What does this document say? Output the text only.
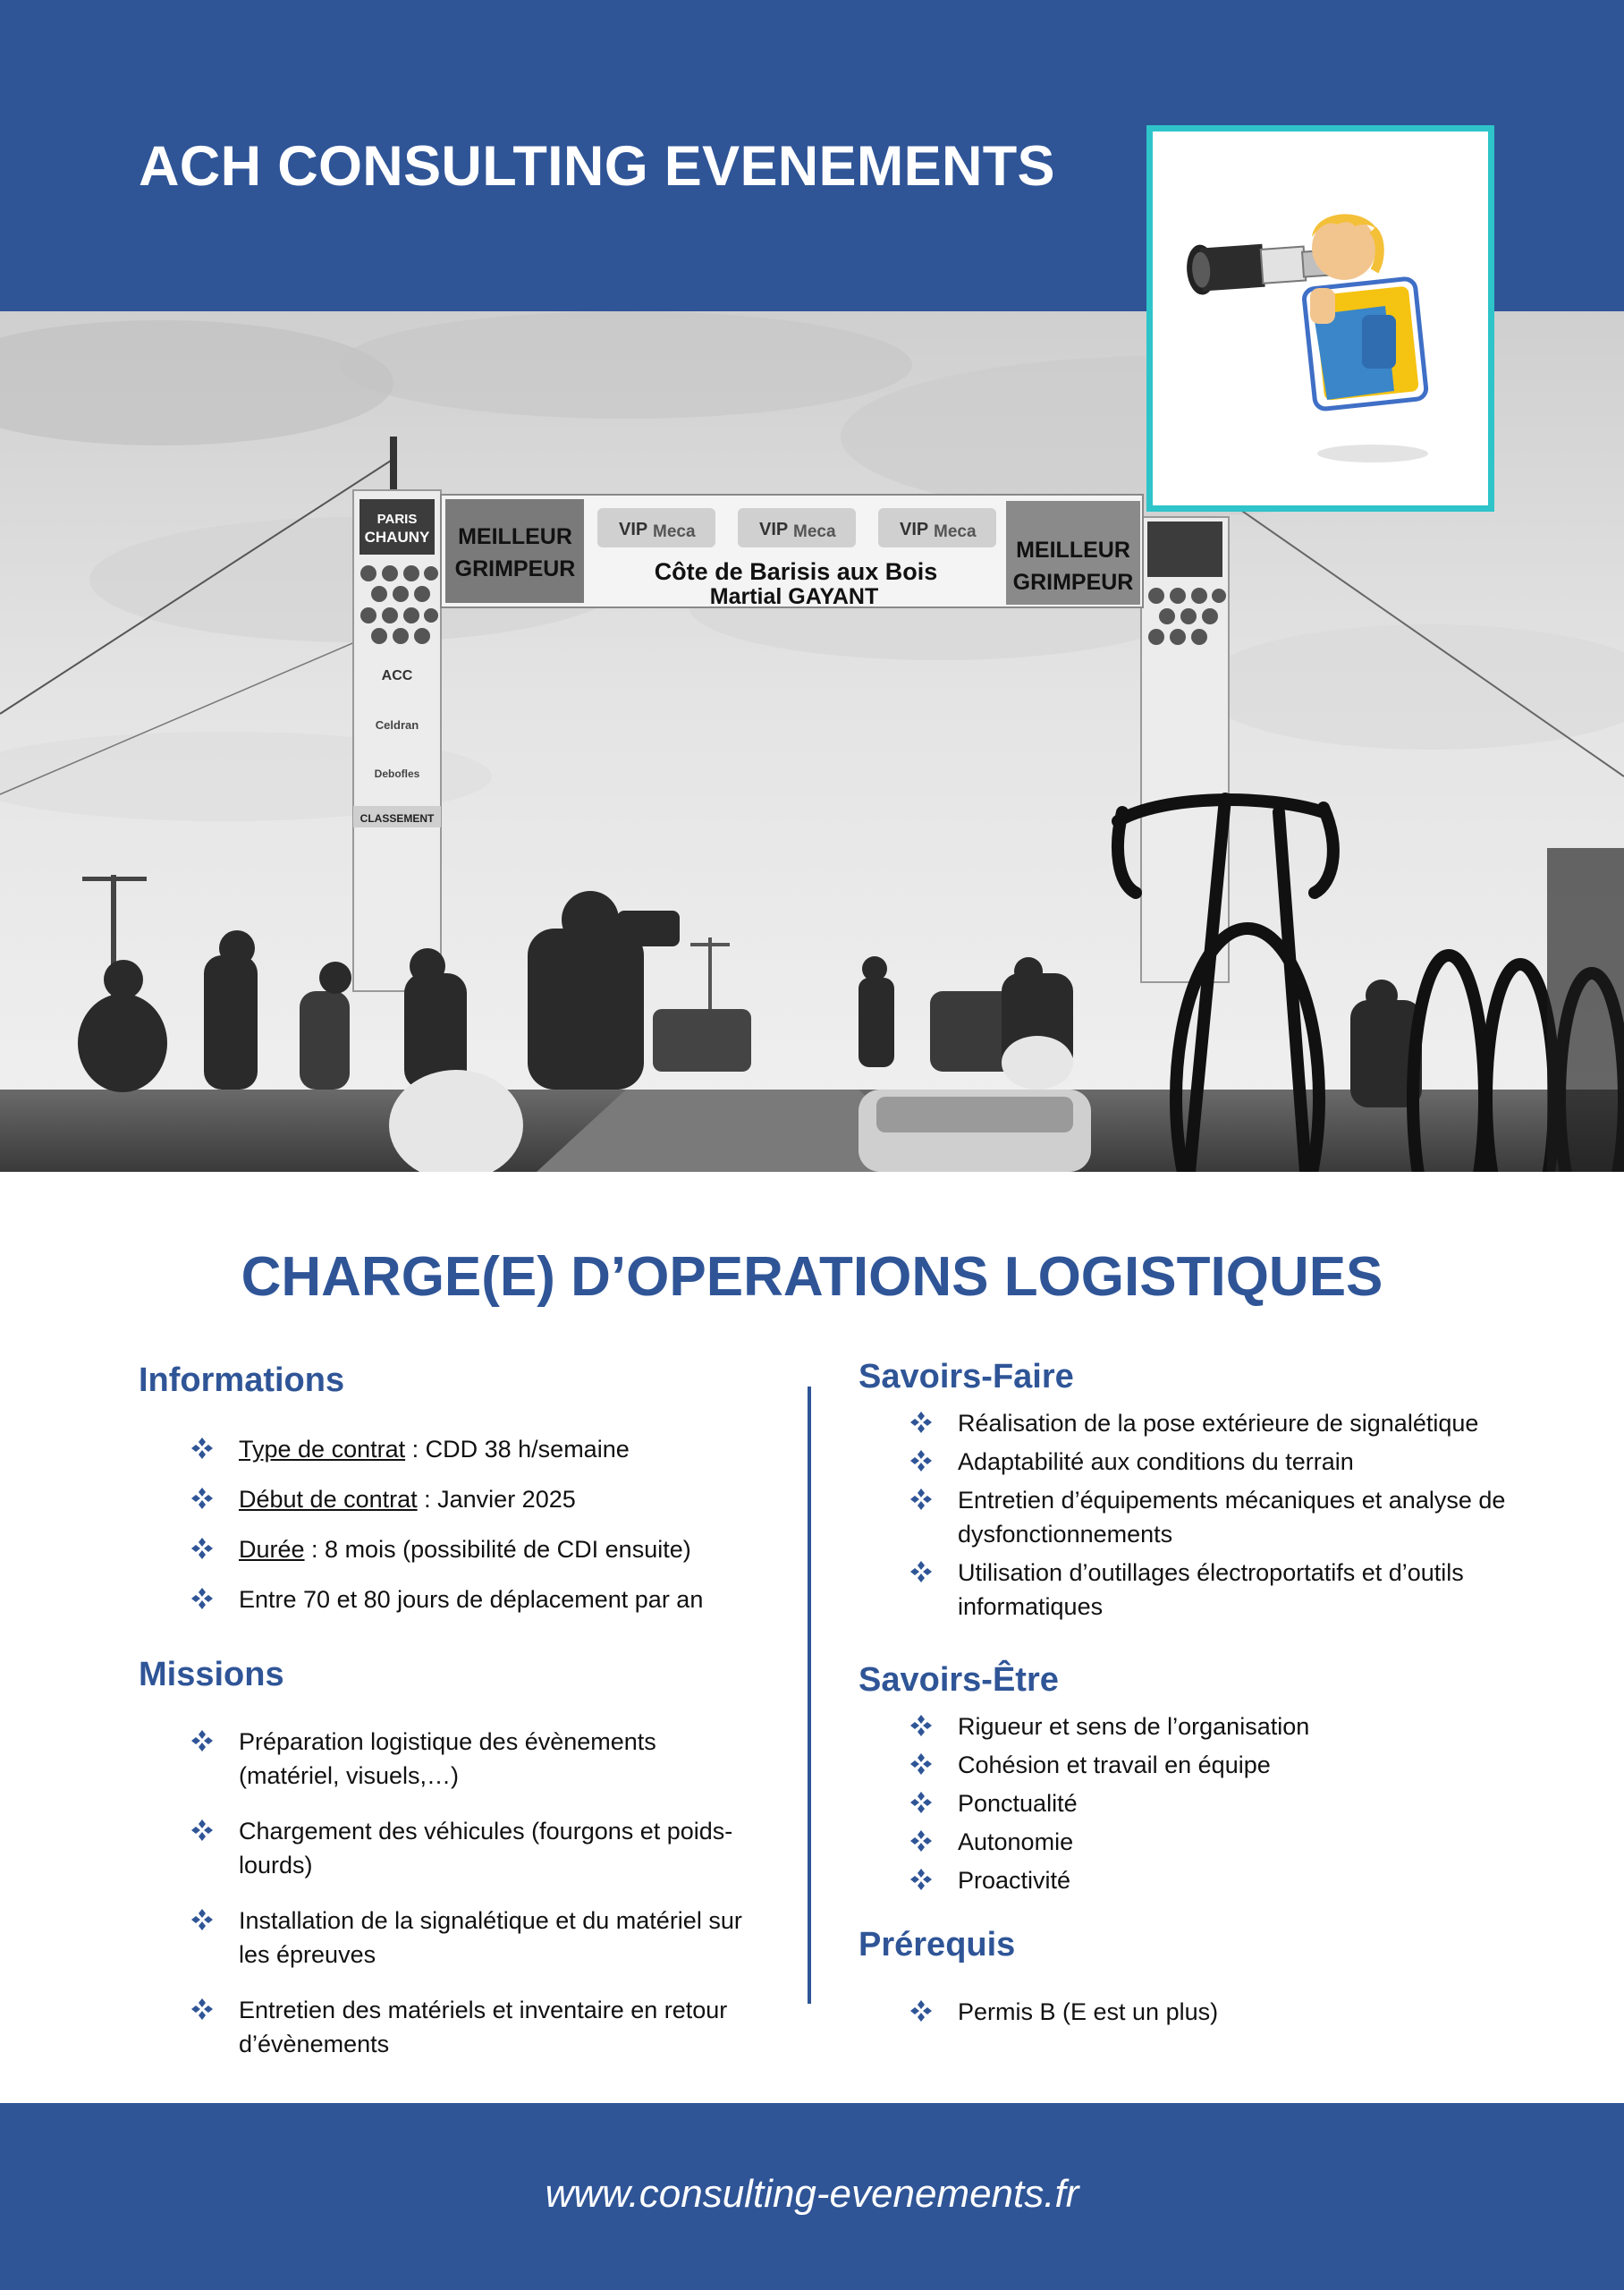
ACH CONSULTING EVENEMENTS
PARIS
CHAUNY
ACC
Celdran
Debofles
CLASSEMENT
MEILLEUR
GRIMPEUR
MEILLEUR
GRIMPEUR
VIP Meca	VIP Meca	VIP Meca
Côte de Barisis aux Bois
Martial GAYANT
CHARGE(E) D’OPERATIONS LOGISTIQUES
Informations
Type de contrat : CDD 38 h/semaine
Début de contrat : Janvier 2025
Durée : 8 mois (possibilité de CDI ensuite)
Entre 70 et 80 jours de déplacement par an
Missions
Préparation logistique des évènements (matériel, visuels,…)
Chargement des véhicules (fourgons et poids-lourds)
Installation de la signalétique et du matériel sur les épreuves
Entretien des matériels et inventaire en retour d’évènements
Savoirs-Faire
Réalisation de la pose extérieure de signalétique
Adaptabilité aux conditions du terrain
Entretien d’équipements mécaniques et analyse de dysfonctionnements
Utilisation d’outillages électroportatifs et d’outils informatiques
Savoirs-Être
Rigueur et sens de l’organisation
Cohésion et travail en équipe
Ponctualité
Autonomie
Proactivité
Prérequis
Permis B (E est un plus)
www.consulting-evenements.fr
